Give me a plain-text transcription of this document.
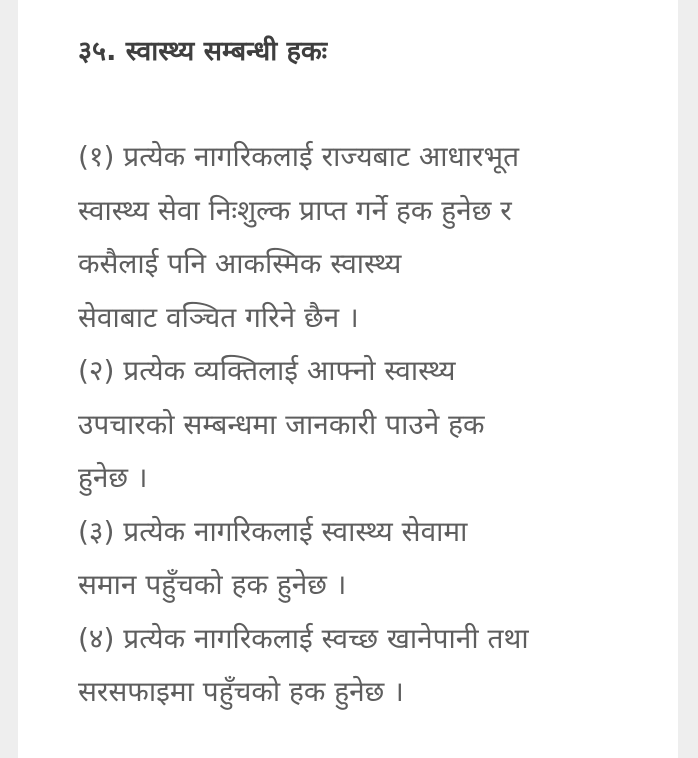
३५. स्वास्थ्य सम्बन्धी हकः
(१) प्रत्येक नागरिकलाई राज्यबाट आधारभूत
स्वास्थ्य सेवा निःशुल्क प्राप्त गर्ने हक हुनेछ र
कसैलाई पनि आकस्मिक स्वास्थ्य
सेवाबाट वञ्चित गरिने छैन ।
(२) प्रत्येक व्यक्तिलाई आफ्नो स्वास्थ्य
उपचारको सम्बन्धमा जानकारी पाउने हक
हुनेछ ।
(३) प्रत्येक नागरिकलाई स्वास्थ्य सेवामा
समान पहुँचको हक हुनेछ ।
(४) प्रत्येक नागरिकलाई स्वच्छ खानेपानी तथा
सरसफाइमा पहुँचको हक हुनेछ ।
